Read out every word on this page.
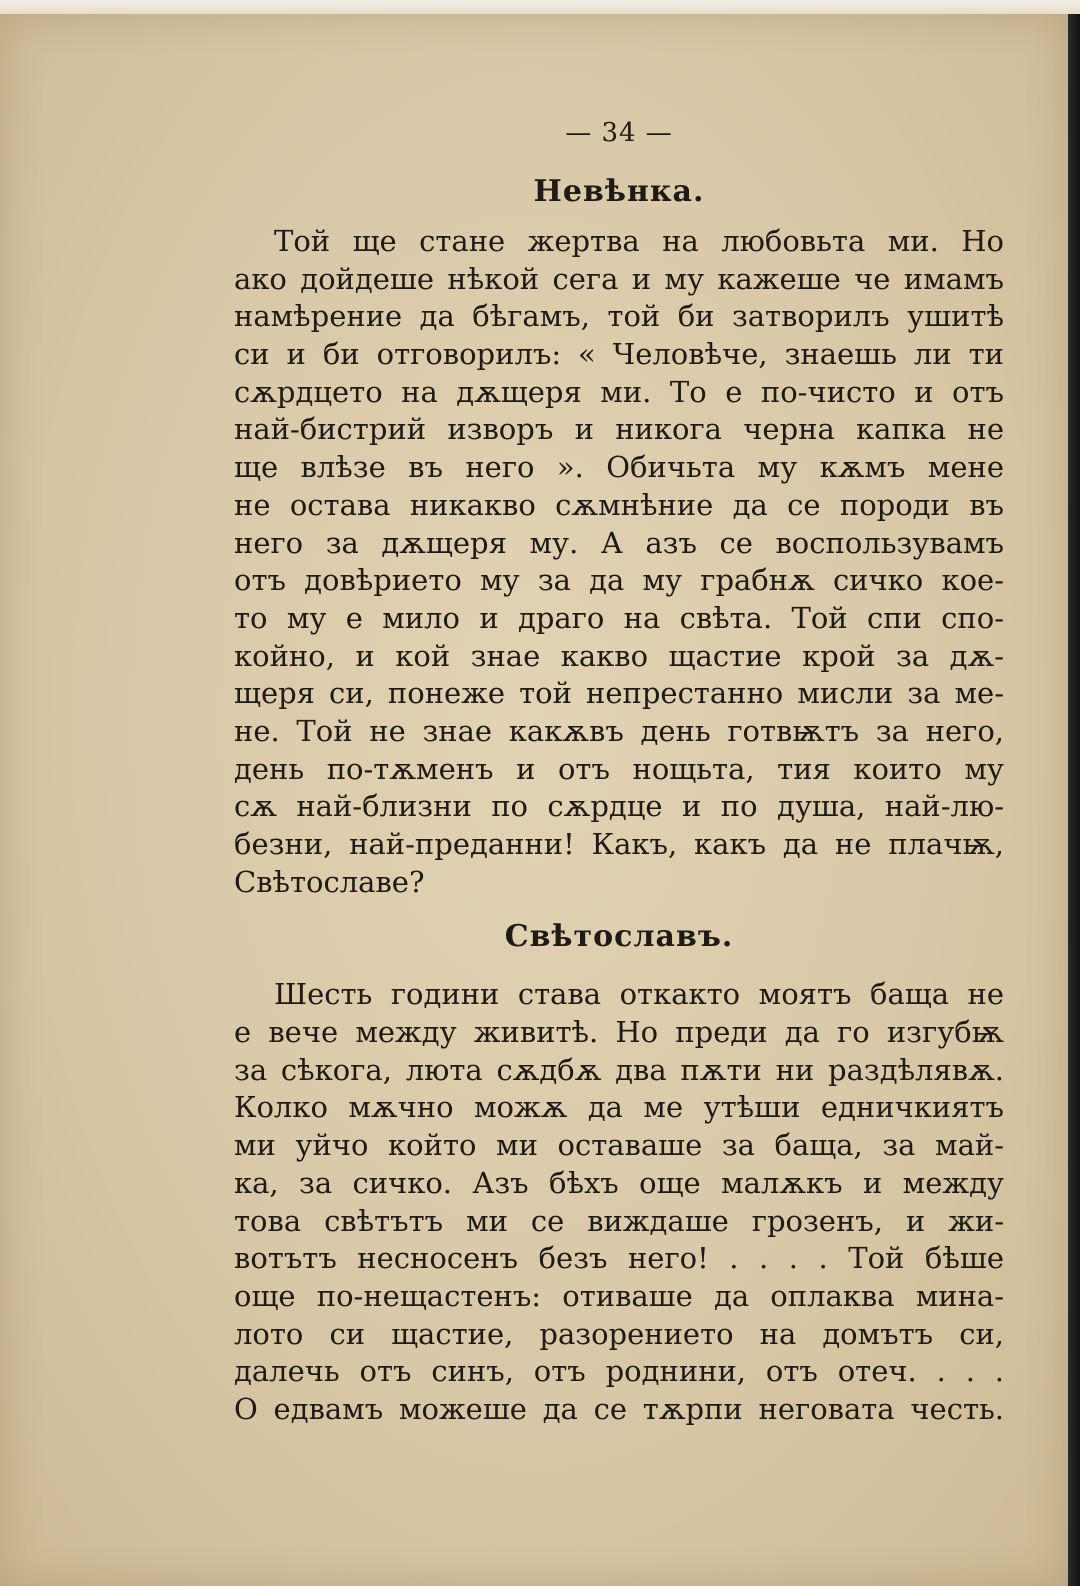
— 34 —
Невѣнка.
Той ще стане жертва на любовьта ми. Но
ако дойдеше нѣкой сега и му кажеше че имамъ
намѣрение да бѣгамъ, той би затворилъ ушитѣ
си и би отговорилъ: « Человѣче, знаешь ли ти
сѫрдцето на дѫщеря ми. То е по-чисто и отъ
най-бистрий изворъ и никога черна капка не
ще влѣзе въ него ». Обичьта му кѫмъ мене
не остава никакво сѫмнѣние да се породи въ
него за дѫщеря му. А азъ се воспользувамъ
отъ довѣрието му за да му грабнѫ сичко кое-
то му е мило и драго на свѣта. Той спи спо-
койно, и кой знае какво щастие крой за дѫ-
щеря си, понеже той непрестанно мисли за ме-
не. Той не знае какѫвъ день готвѭтъ за него,
день по-тѫменъ и отъ нощьта, тия които му
сѫ най-близни по сѫрдце и по душа, най-лю-
безни, най-преданни! Какъ, какъ да не плачѭ,
Свѣтославе?
Свѣтославъ.
Шесть години става откакто моятъ баща не
е вече между живитѣ. Но преди да го изгубѭ
за сѣкога, люта сѫдбѫ два пѫти ни раздѣлявѫ.
Колко мѫчно можѫ да ме утѣши едничкиятъ
ми уйчо който ми оставаше за баща, за май-
ка, за сичко. Азъ бѣхъ още малѫкъ и между
това свѣтътъ ми се виждаше грозенъ, и жи-
вотътъ несносенъ безъ него! . . . . Той бѣше
още по-нещастенъ: отиваше да оплаква мина-
лото си щастие, разорението на домътъ си,
далечь отъ синъ, отъ роднини, отъ отеч. . . .
О едвамъ можеше да се тѫрпи неговата честь.
